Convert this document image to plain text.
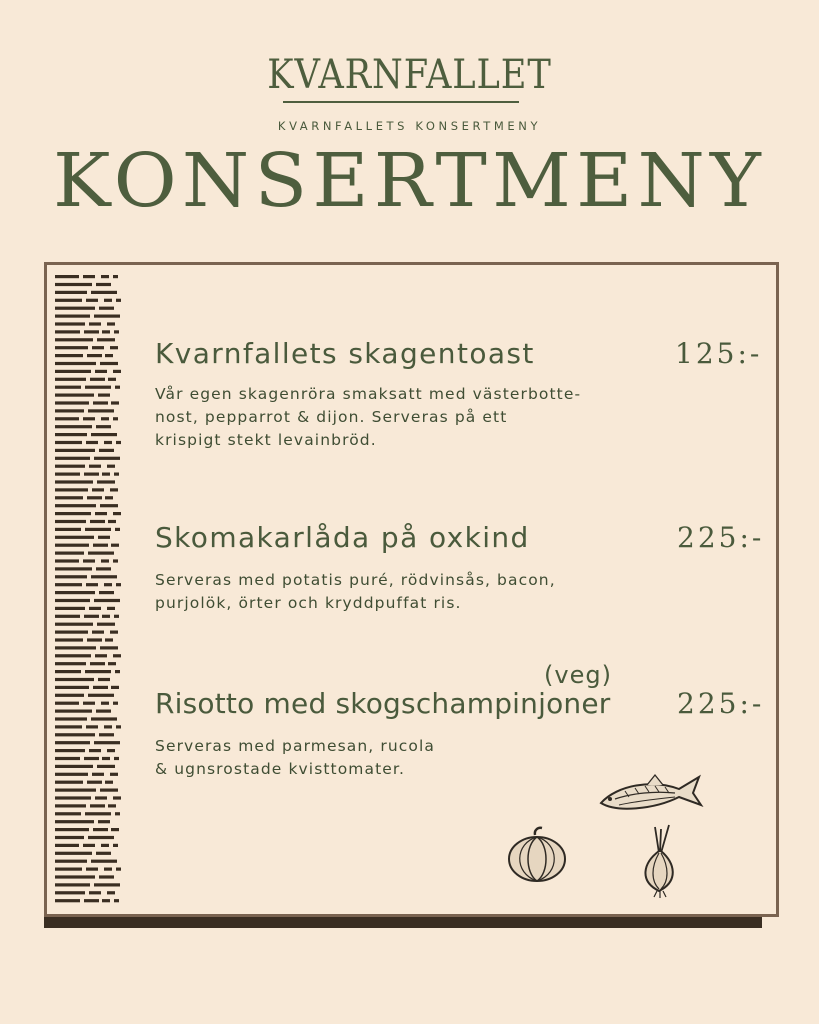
KVARNFALLET
KVARNFALLETS KONSERTMENY
KONSERTMENY
Kvarnfallets skagentoast	125:-
Vår egen skagenröra smaksatt med västerbotte-
nost, pepparrot & dijon. Serveras på ett
krispigt stekt levainbröd.
Skomakarlåda på oxkind	225:-
Serveras med potatis puré, rödvinsås, bacon,
purjolök, örter och kryddpuffat ris.
(veg)
Risotto med skogschampinjoner 225:-
Serveras med parmesan, rucola
& ugnsrostade kvisttomater.
